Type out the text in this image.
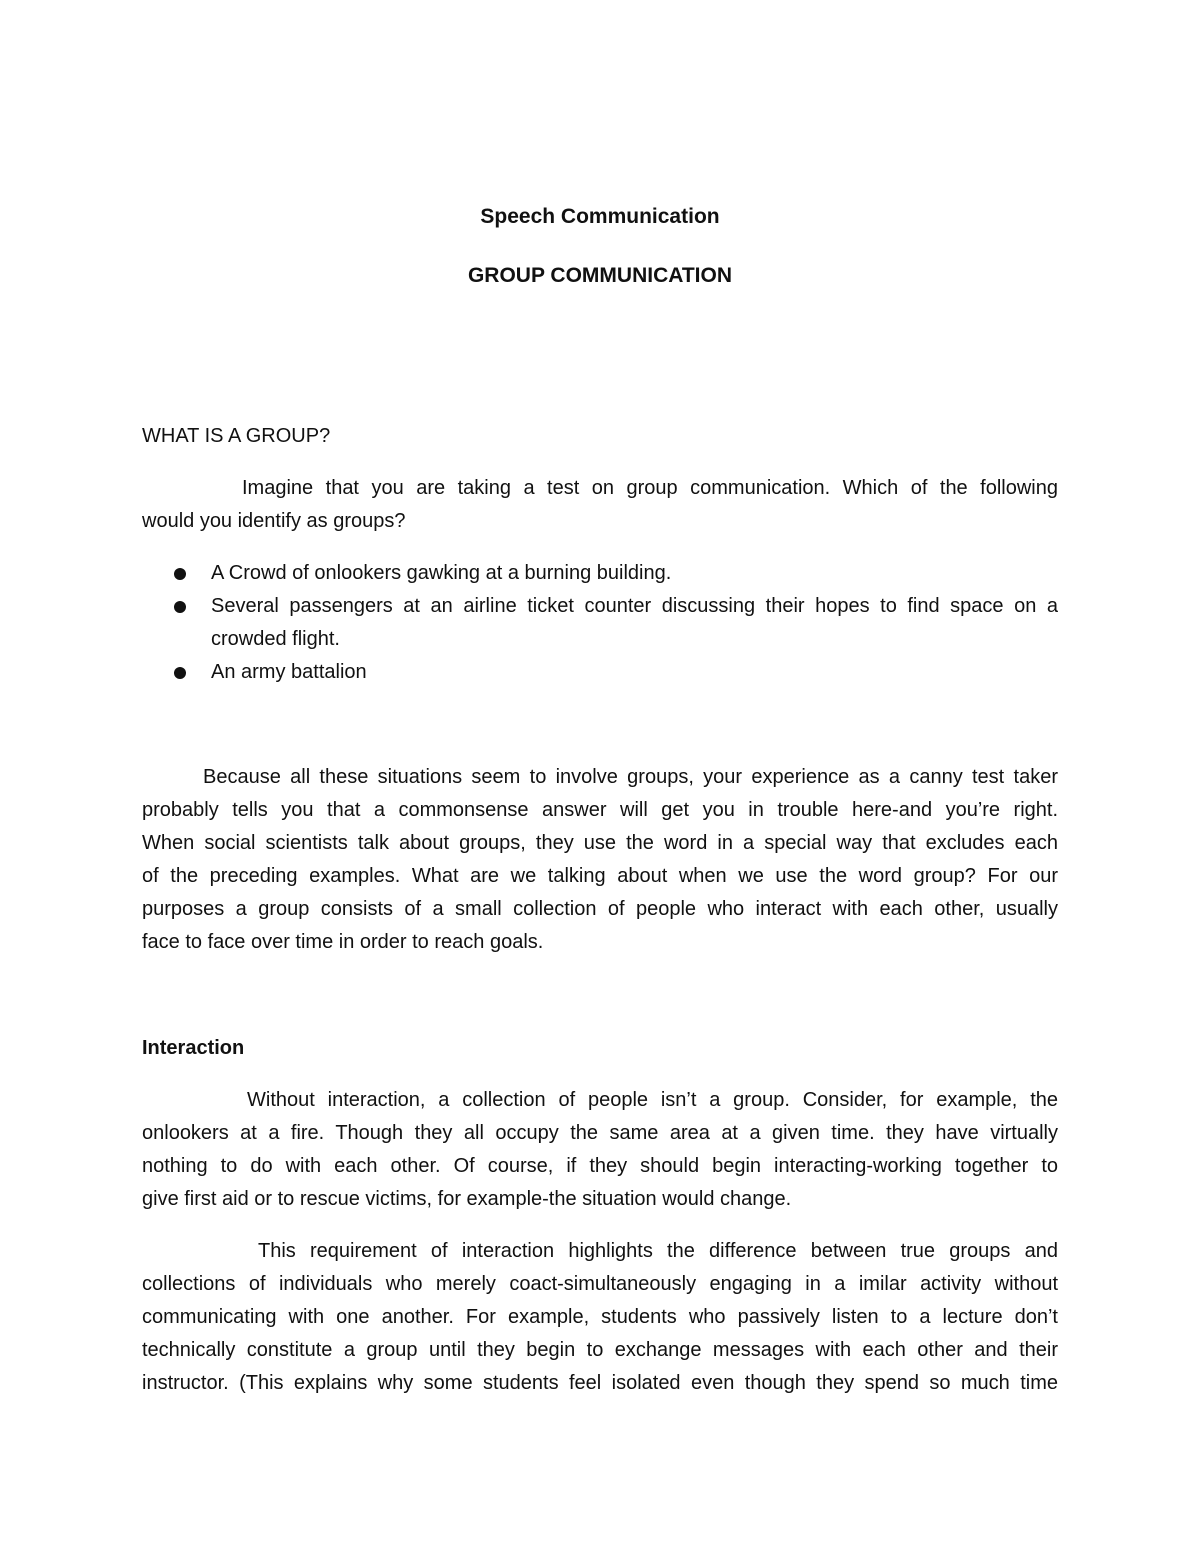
Speech Communication
GROUP COMMUNICATION
WHAT IS A GROUP?
Imagine that you are taking a test on group communication. Which of the following
would you identify as groups?
A Crowd of onlookers gawking at a burning building.
Several passengers at an airline ticket counter discussing their hopes to find space on a
crowded flight.
An army battalion
Because all these situations seem to involve groups, your experience as a canny test taker
probably tells you that a commonsense answer will get you in trouble here-and you’re right.
When social scientists talk about groups, they use the word in a special way that excludes each
of the preceding examples. What are we talking about when we use the word group? For our
purposes a group consists of a small collection of people who interact with each other, usually
face to face over time in order to reach goals.
Interaction
Without interaction, a collection of people isn’t a group. Consider, for example, the
onlookers at a fire. Though they all occupy the same area at a given time. they have virtually
nothing to do with each other. Of course, if they should begin interacting-working together to
give first aid or to rescue victims, for example-the situation would change.
This requirement of interaction highlights the difference between true groups and
collections of individuals who merely coact-simultaneously engaging in a imilar activity without
communicating with one another. For example, students who passively listen to a lecture don’t
technically constitute a group until they begin to exchange messages with each other and their
instructor. (This explains why some students feel isolated even though they spend so much time
